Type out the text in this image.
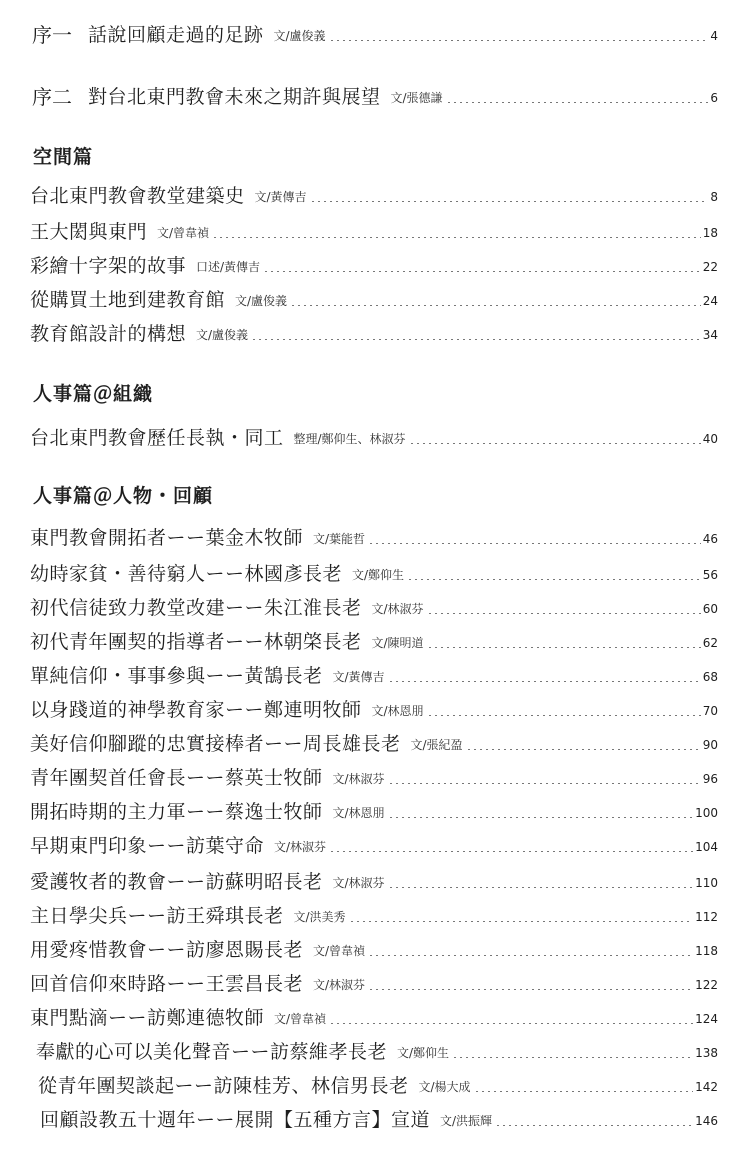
序一 話說回顧走過的足跡 文/盧俊義	4
序二 對台北東門教會未來之期許與展望 文/張德謙	6
空間篇
台北東門教會教堂建築史 文/黃傳吉	8
王大閎與東門 文/曾韋禎	18
彩繪十字架的故事 口述/黃傳吉	22
從購買土地到建教育館 文/盧俊義	24
教育館設計的構想 文/盧俊義	34
人事篇＠組織
台北東門教會歷任長執・同工 整理/鄭仰生、林淑芬	40
人事篇＠人物・回顧
東門教會開拓者ーー葉金木牧師 文/葉能哲	46
幼時家貧・善待窮人ーー林國彥長老 文/鄭仰生	56
初代信徒致力教堂改建ーー朱江淮長老 文/林淑芬	60
初代青年團契的指導者ーー林朝棨長老 文/陳明道	62
單純信仰・事事參與ーー黃鵠長老 文/黃傳吉	68
以身踐道的神學教育家ーー鄭連明牧師 文/林恩朋	70
美好信仰腳蹤的忠實接棒者ーー周長雄長老 文/張紀盈	90
青年團契首任會長ーー蔡英士牧師 文/林淑芬	96
開拓時期的主力軍ーー蔡逸士牧師 文/林恩朋	100
早期東門印象ーー訪葉守命 文/林淑芬	104
愛護牧者的教會ーー訪蘇明昭長老 文/林淑芬	110
主日學尖兵ーー訪王舜琪長老 文/洪美秀	112
用愛疼惜教會ーー訪廖恩賜長老 文/曾韋禎	118
回首信仰來時路ーー王雲昌長老 文/林淑芬	122
東門點滴ーー訪鄭連德牧師 文/曾韋禎	124
奉獻的心可以美化聲音ーー訪蔡維孝長老 文/鄭仰生	138
從青年團契談起ーー訪陳桂芳、林信男長老 文/楊大成	142
回顧設教五十週年ーー展開【五種方言】宣道 文/洪振輝	146
